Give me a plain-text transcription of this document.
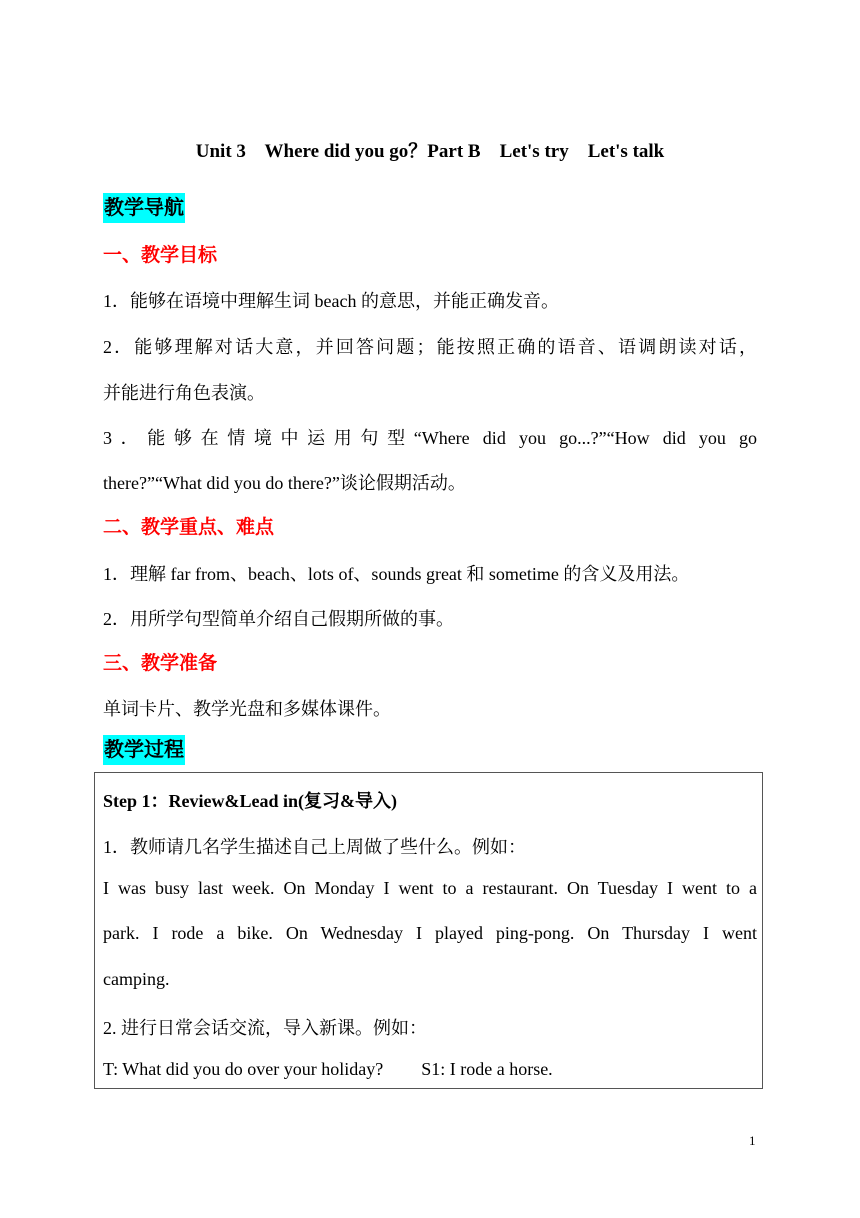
Unit 3    Where did you go？Part B    Let's try    Let's talk
教学导航
一、教学目标
1．能够在语境中理解生词 beach 的意思，并能正确发音。
2．能够理解对话大意，并回答问题；能按照正确的语音、语调朗读对话，
并能进行角色表演。
3．能够在情境中运用句型“Where did you go...?”“How did you go
there?”“What did you do there?”谈论假期活动。
二、教学重点、难点
1．理解 far from、beach、lots of、sounds great 和 sometime 的含义及用法。
2．用所学句型简单介绍自己假期所做的事。
三、教学准备
单词卡片、教学光盘和多媒体课件。
教学过程
Step 1：Review&Lead in(复习&导入)
1．教师请几名学生描述自己上周做了些什么。例如：
I was busy last week. On Monday I went to a restaurant. On Tuesday I went to a
park. I rode a bike. On Wednesday I played ping-pong. On Thursday I went
camping.
2. 进行日常会话交流，导入新课。例如：
T: What did you do over your holiday? S1: I rode a horse.
1
